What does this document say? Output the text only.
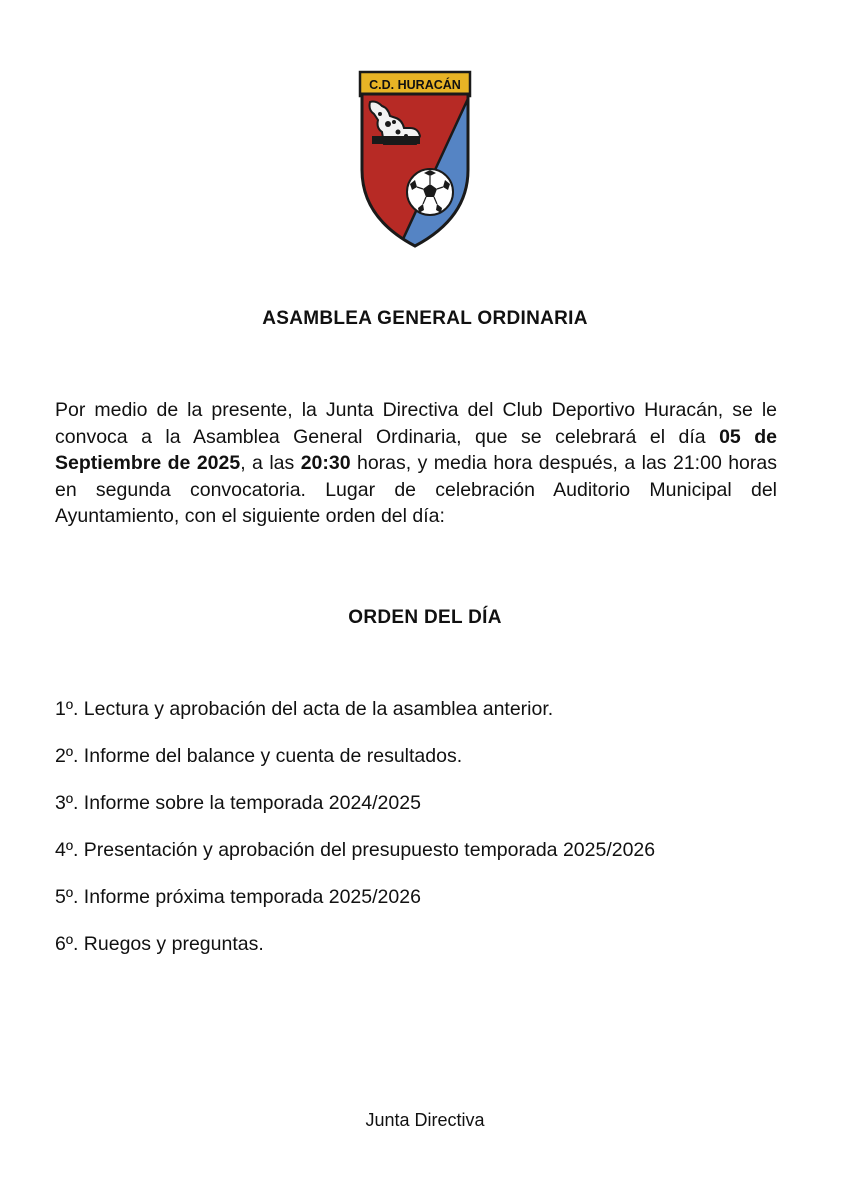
C.D. HURACÁN
ASAMBLEA GENERAL ORDINARIA

Por medio de la presente, la Junta Directiva del Club Deportivo Huracán, se le convoca a la Asamblea General Ordinaria, que se celebrará el día 05 de Septiembre de 2025, a las 20:30 horas, y media hora después, a las 21:00 horas en segunda convocatoria. Lugar de celebración Auditorio Municipal del Ayuntamiento, con el siguiente orden del día:

ORDEN DEL DÍA
1º. Lectura y aprobación del acta de la asamblea anterior.
2º. Informe del balance y cuenta de resultados.
3º. Informe sobre la temporada 2024/2025
4º. Presentación y aprobación del presupuesto temporada 2025/2026
5º. Informe próxima temporada 2025/2026
6º. Ruegos y preguntas.

Junta Directiva
